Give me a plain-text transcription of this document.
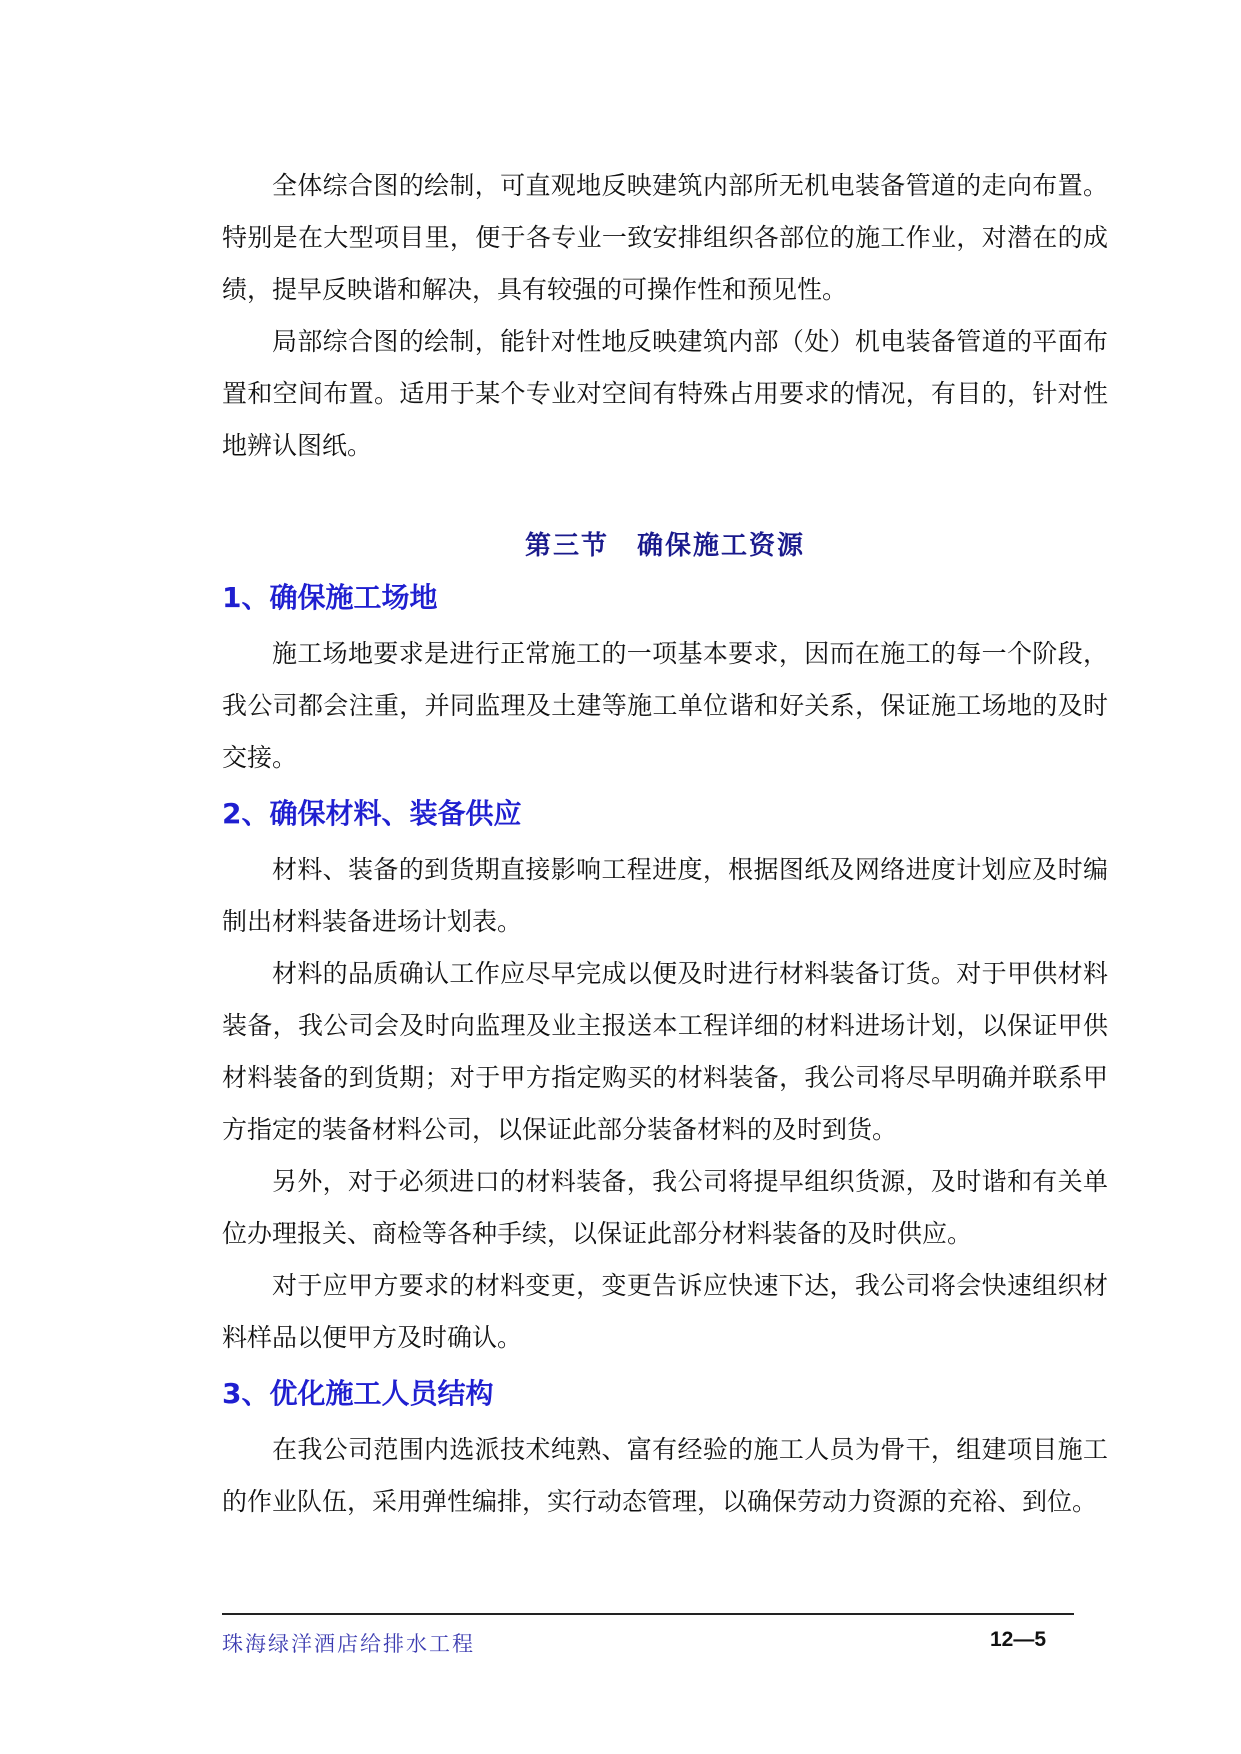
全体综合图的绘制，可直观地反映建筑内部所无机电装备管道的走向布置。特别是在大型项目里，便于各专业一致安排组织各部位的施工作业，对潜在的成绩，提早反映谐和解决，具有较强的可操作性和预见性。

局部综合图的绘制，能针对性地反映建筑内部（处）机电装备管道的平面布置和空间布置。适用于某个专业对空间有特殊占用要求的情况，有目的，针对性地辨认图纸。

第三节　确保施工资源
1、确保施工场地

施工场地要求是进行正常施工的一项基本要求，因而在施工的每一个阶段，我公司都会注重，并同监理及土建等施工单位谐和好关系，保证施工场地的及时交接。

2、确保材料、装备供应

材料、装备的到货期直接影响工程进度，根据图纸及网络进度计划应及时编制出材料装备进场计划表。

材料的品质确认工作应尽早完成以便及时进行材料装备订货。对于甲供材料装备，我公司会及时向监理及业主报送本工程详细的材料进场计划，以保证甲供材料装备的到货期；对于甲方指定购买的材料装备，我公司将尽早明确并联系甲方指定的装备材料公司，以保证此部分装备材料的及时到货。

另外，对于必须进口的材料装备，我公司将提早组织货源，及时谐和有关单位办理报关、商检等各种手续，以保证此部分材料装备的及时供应。

对于应甲方要求的材料变更，变更告诉应快速下达，我公司将会快速组织材料样品以便甲方及时确认。

3、优化施工人员结构

在我公司范围内选派技术纯熟、富有经验的施工人员为骨干，组建项目施工的作业队伍，采用弹性编排，实行动态管理，以确保劳动力资源的充裕、到位。

珠海绿洋酒店给排水工程	12—5
